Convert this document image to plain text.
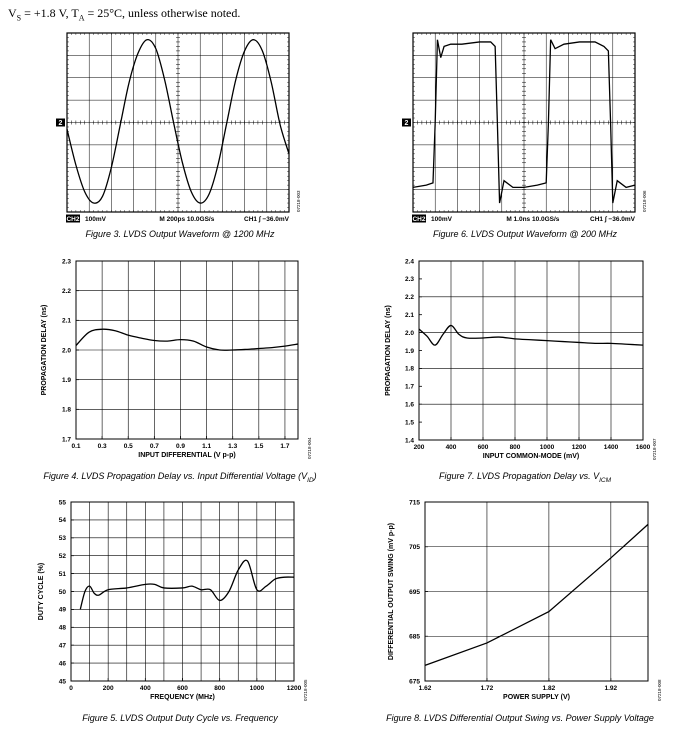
$V_S = +1.8$ V, $T_A = 25^\circ C$, unless otherwise noted.
2
CH2 100mV	M 200ps 10.0GS/s	CH1 ∫ −36.0mV
07218-003
2
CH2 100mV	M 1.0ns 10.0GS/s	CH1 ∫ −36.0mV
07218-006
1.7
1.8
1.9
2.0
2.1
2.2
2.3
0.1	0.3	0.5	0.7	0.9	1.1	1.3	1.5	1.7
INPUT DIFFERENTIAL (V p-p)
PROPAGATION DELAY (ns)
07218-004	1.4
1.5
1.6
1.7
1.8
1.9
2.0
2.1
2.2
2.3
2.4
200	400	600	800	1000	1200	1400	1600
INPUT COMMON-MODE (mV)
PROPAGATION DELAY (ns)
07218-007
45
46
47
48
49
50
51
52
53
54
55
0	200	400	600	800	1000	1200
FREQUENCY (MHz)
DUTY CYCLE (%)
07218-005	675
685
695
705
715
1.62	1.72	1.82	1.92
POWER SUPPLY (V)
DIFFERENTIAL OUTPUT SWING (mV p-p)
07218-008
Figure 3. LVDS Output Waveform @ 1200 MHz	Figure 6. LVDS Output Waveform @ 200 MHz
Figure 4. LVDS Propagation Delay vs. Input Differential Voltage $(V_{ID})$	Figure 7. LVDS Propagation Delay vs. $V_{ICM}$
Figure 5. LVDS Output Duty Cycle vs. Frequency	Figure 8. LVDS Differential Output Swing vs. Power Supply Voltage
